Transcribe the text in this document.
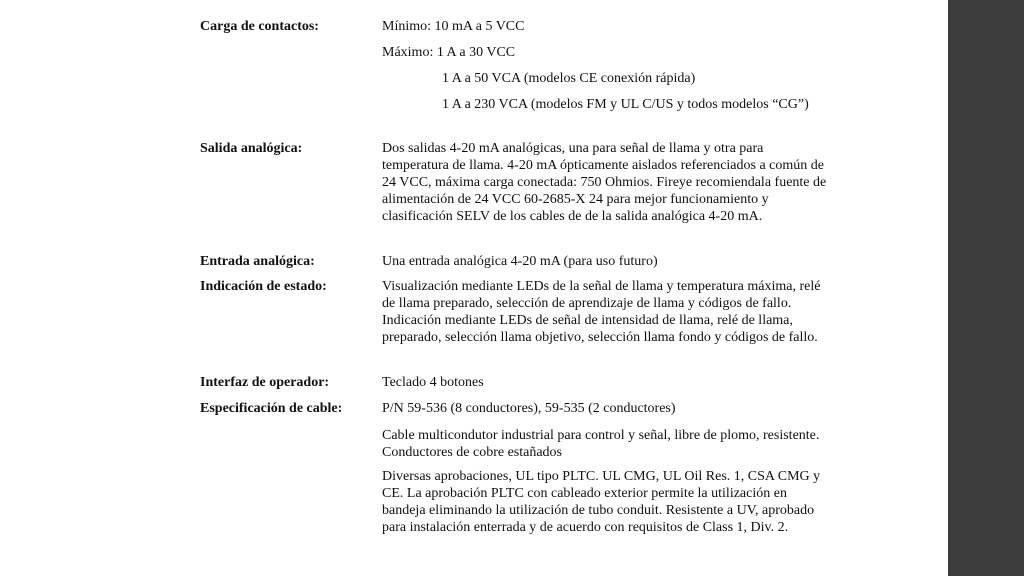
Carga de contactos:	Mínimo: 10 mA a 5 VCC
Máximo: 1 A a 30 VCC
1 A a 50 VCA (modelos CE conexión rápida)
1 A a 230 VCA (modelos FM y UL C/US y todos modelos “CG”)
Salida analógica:	Dos salidas 4-20 mA analógicas, una para señal de llama y otra para temperatura de llama. 4-20 mA ópticamente aislados referenciados a común de 24 VCC, máxima carga conectada: 750 Ohmios. Fireye recomiendala fuente de alimentación de 24 VCC 60-2685-X 24 para mejor funcionamiento y clasificación SELV de los cables de de la salida analógica 4-20 mA.
Entrada analógica:	Una entrada analógica 4-20 mA (para uso futuro)
Indicación de estado:	Visualización mediante LEDs de la señal de llama y temperatura máxima, relé de llama preparado, selección de aprendizaje de llama y códigos de fallo. Indicación mediante LEDs de señal de intensidad de llama, relé de llama, preparado, selección llama objetivo, selección llama fondo y códigos de fallo.
Interfaz de operador:	Teclado 4 botones
Especificación de cable:	P/N 59-536 (8 conductores), 59-535 (2 conductores)
Cable multicondutor industrial para control y señal, libre de plomo, resistente. Conductores de cobre estañados
Diversas aprobaciones, UL tipo PLTC. UL CMG, UL Oil Res. 1, CSA CMG y CE. La aprobación PLTC con cableado exterior permite la utilización en bandeja eliminando la utilización de tubo conduit. Resistente a UV, aprobado para instalación enterrada y de acuerdo con requisitos de Class 1, Div. 2.
